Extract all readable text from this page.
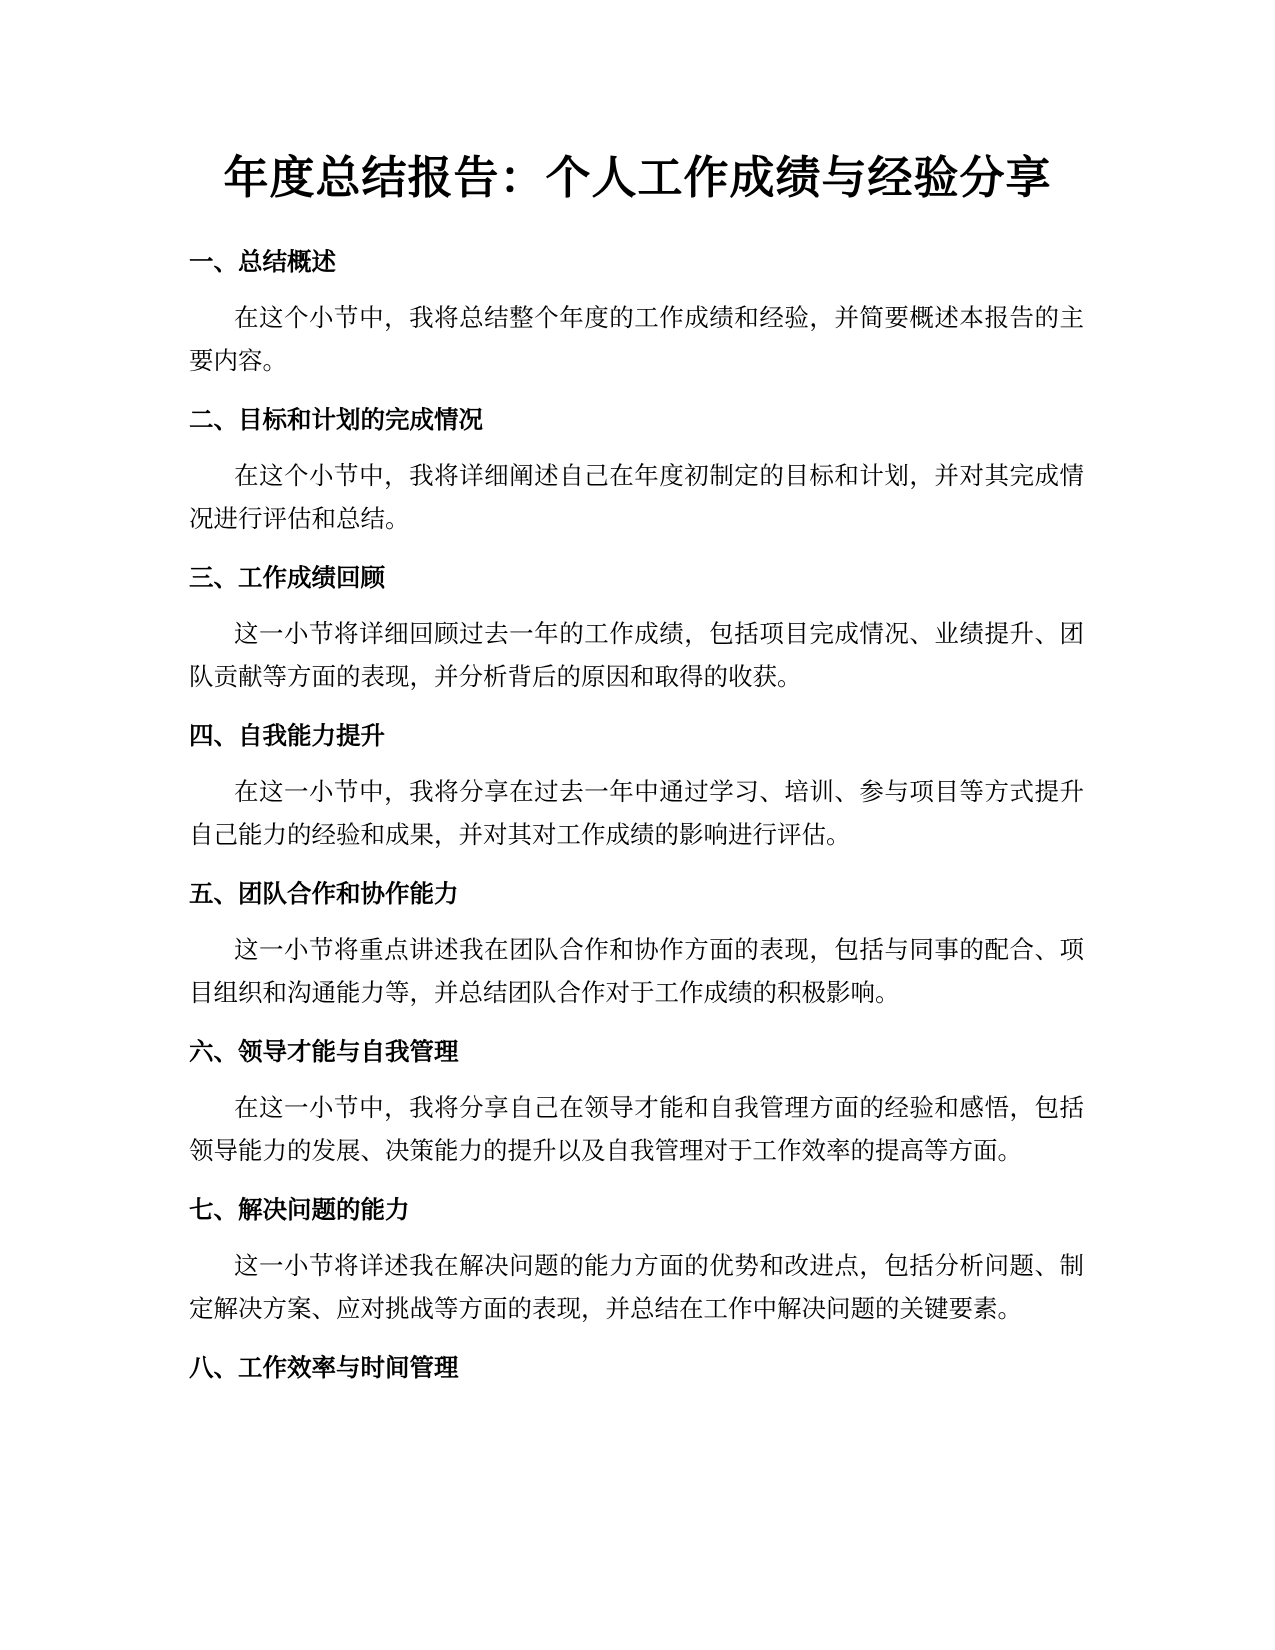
年度总结报告：个人工作成绩与经验分享
一、总结概述

在这个小节中，我将总结整个年度的工作成绩和经验，并简要概述本报告的主要内容。

二、目标和计划的完成情况

在这个小节中，我将详细阐述自己在年度初制定的目标和计划，并对其完成情况进行评估和总结。

三、工作成绩回顾

这一小节将详细回顾过去一年的工作成绩，包括项目完成情况、业绩提升、团队贡献等方面的表现，并分析背后的原因和取得的收获。

四、自我能力提升

在这一小节中，我将分享在过去一年中通过学习、培训、参与项目等方式提升自己能力的经验和成果，并对其对工作成绩的影响进行评估。

五、团队合作和协作能力

这一小节将重点讲述我在团队合作和协作方面的表现，包括与同事的配合、项目组织和沟通能力等，并总结团队合作对于工作成绩的积极影响。

六、领导才能与自我管理

在这一小节中，我将分享自己在领导才能和自我管理方面的经验和感悟，包括领导能力的发展、决策能力的提升以及自我管理对于工作效率的提高等方面。

七、解决问题的能力

这一小节将详述我在解决问题的能力方面的优势和改进点，包括分析问题、制定解决方案、应对挑战等方面的表现，并总结在工作中解决问题的关键要素。

八、工作效率与时间管理
